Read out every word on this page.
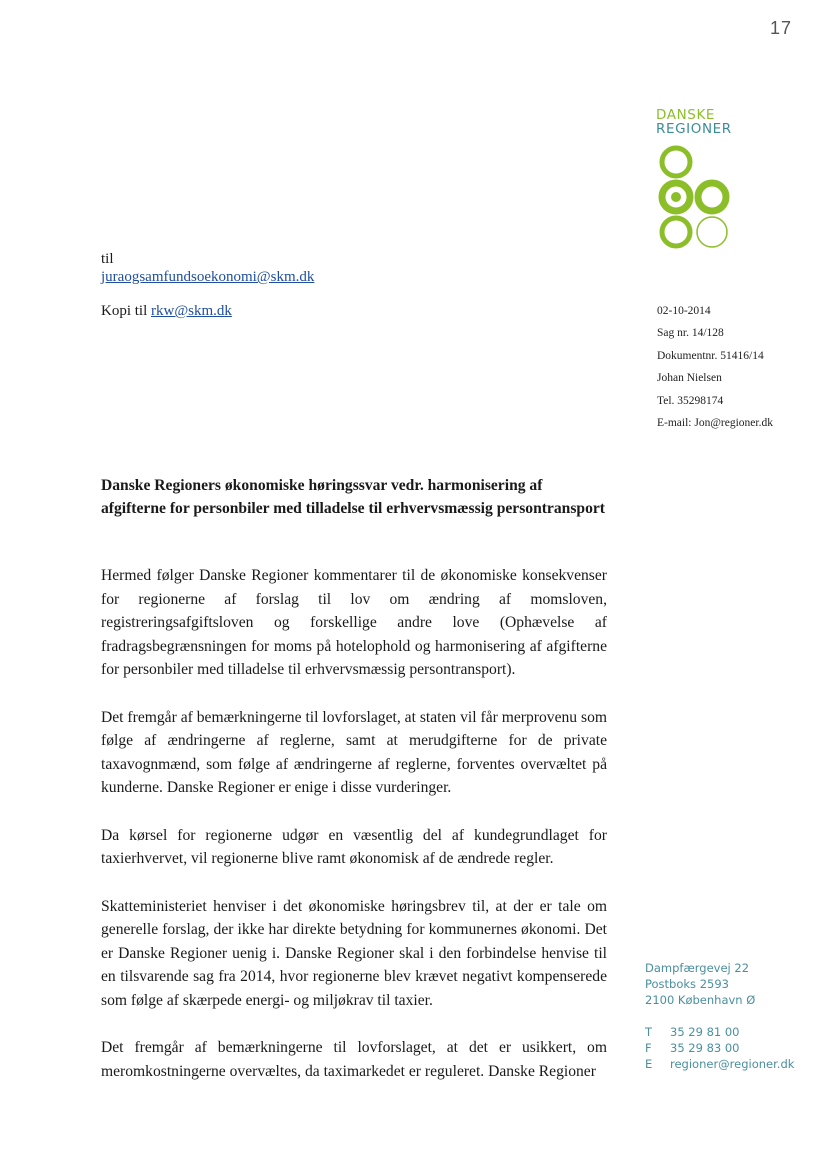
17
DANSKE
REGIONER
til
juraogsamfundsoekonomi@skm.dk
Kopi til rkw@skm.dk	02-10-2014
Sag nr. 14/128
Dokumentnr. 51416/14
Johan Nielsen
Tel. 35298174
E-mail: Jon@regioner.dk
Danske Regioners økonomiske høringssvar vedr. harmonisering af afgifterne for personbiler med tilladelse til erhvervsmæssig persontransport

Hermed følger Danske Regioner kommentarer til de økonomiske konsekvenser for regionerne af forslag til lov om ændring af momsloven, registreringsafgiftsloven og forskellige andre love (Ophævelse af fradragsbegrænsningen for moms på hotelophold og harmonisering af afgifterne for personbiler med tilladelse til erhvervsmæssig persontransport).

Det fremgår af bemærkningerne til lovforslaget, at staten vil får merprovenu som følge af ændringerne af reglerne, samt at merudgifterne for de private taxavognmænd, som følge af ændringerne af reglerne, forventes overvæltet på kunderne. Danske Regioner er enige i disse vurderinger.

Da kørsel for regionerne udgør en væsentlig del af kundegrundlaget for taxierhvervet, vil regionerne blive ramt økonomisk af de ændrede regler.

Skatteministeriet henviser i det økonomiske høringsbrev til, at der er tale om generelle forslag, der ikke har direkte betydning for kommunernes økonomi. Det er Danske Regioner uenig i. Danske Regioner skal i den forbindelse henvise til en tilsvarende sag fra 2014, hvor regionerne blev krævet negativt kompenserede som følge af skærpede energi- og miljøkrav til taxier.

Det fremgår af bemærkningerne til lovforslaget, at det er usikkert, om meromkostningerne overvæltes, da taximarkedet er reguleret. Danske Regioner

Dampfærgevej 22
Postboks 2593
2100 København Ø
T 35 29 81 00
F 35 29 83 00
E regioner@regioner.dk
